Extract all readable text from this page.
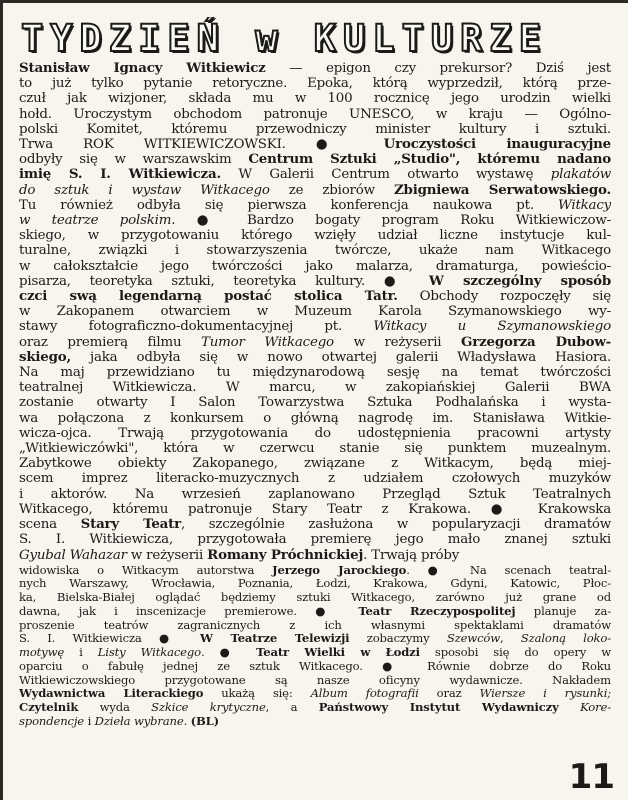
TYDZIEŃ w KULTURZE
Stanisław Ignacy Witkiewicz — epigon czy prekursor? Dziś jest
to już tylko pytanie retoryczne. Epoka, którą wyprzedził, którą prze-
czuł jak wizjoner, składa mu w 100 rocznicę jego urodzin wielki
hołd. Uroczystym obchodom patronuje UNESCO, w kraju — Ogólno-
polski Komitet, któremu przewodniczy minister kultury i sztuki.
Trwa ROK WITKIEWICZOWSKI. ● Uroczystości inauguracyjne
odbyły się w warszawskim Centrum Sztuki „Studio", któremu nadano
imię S. I. Witkiewicza. W Galerii Centrum otwarto wystawę plakatów
do sztuk i wystaw Witkacego ze zbiorów Zbigniewa Serwatowskiego.
Tu również odbyła się pierwsza konferencja naukowa pt. Witkacy
w teatrze polskim. ● Bardzo bogaty program Roku Witkiewiczow-
skiego, w przygotowaniu którego wzięły udział liczne instytucje kul-
turalne, związki i stowarzyszenia twórcze, ukaże nam Witkacego
w całokształcie jego twórczości jako malarza, dramaturga, powieścio-
pisarza, teoretyka sztuki, teoretyka kultury. ● W szczególny sposób
czci swą legendarną postać stolica Tatr. Obchody rozpoczęły się
w Zakopanem otwarciem w Muzeum Karola Szymanowskiego wy-
stawy fotograficzno-dokumentacyjnej pt. Witkacy u Szymanowskiego
oraz premierą filmu Tumor Witkacego w reżyserii Grzegorza Dubow-
skiego, jaka odbyła się w nowo otwartej galerii Władysława Hasiora.
Na maj przewidziano tu międzynarodową sesję na temat twórczości
teatralnej Witkiewicza. W marcu, w zakopiańskiej Galerii BWA
zostanie otwarty I Salon Towarzystwa Sztuka Podhalańska i wysta-
wa połączona z konkursem o główną nagrodę im. Stanisława Witkie-
wicza-ojca. Trwają przygotowania do udostępnienia pracowni artysty
„Witkiewiczówki", która w czerwcu stanie się punktem muzealnym.
Zabytkowe obiekty Zakopanego, związane z Witkacym, będą miej-
scem imprez literacko-muzycznych z udziałem czołowych muzyków
i aktorów. Na wrzesień zaplanowano Przegląd Sztuk Teatralnych
Witkacego, któremu patronuje Stary Teatr z Krakowa. ● Krakowska
scena Stary Teatr, szczególnie zasłużona w popularyzacji dramatów
S. I. Witkiewicza, przygotowała premierę jego mało znanej sztuki
Gyubal Wahazar w reżyserii Romany Próchnickiej. Trwają próby
widowiska o Witkacym autorstwa Jerzego Jarockiego. ● Na scenach teatral-
nych Warszawy, Wrocławia, Poznania, Łodzi, Krakowa, Gdyni, Katowic, Płoc-
ka, Bielska-Białej oglądać będziemy sztuki Witkacego, zarówno już grane od
dawna, jak i inscenizacje premierowe. ● Teatr Rzeczypospolitej planuje za-
proszenie teatrów zagranicznych z ich własnymi spektaklami dramatów
S. I. Witkiewicza ● W Teatrze Telewizji zobaczymy Szewców, Szaloną loko-
motywę i Listy Witkacego. ● Teatr Wielki w Łodzi sposobi się do opery w
oparciu o fabułę jednej ze sztuk Witkacego. ● Równie dobrze do Roku
Witkiewiczowskiego przygotowane są nasze oficyny wydawnicze. Nakładem
Wydawnictwa Literackiego ukażą się: Album fotografii oraz Wiersze i rysunki;
Czytelnik wyda Szkice krytyczne, a Państwowy Instytut Wydawniczy Kore-
spondencje i Dzieła wybrane. (BL)
11
